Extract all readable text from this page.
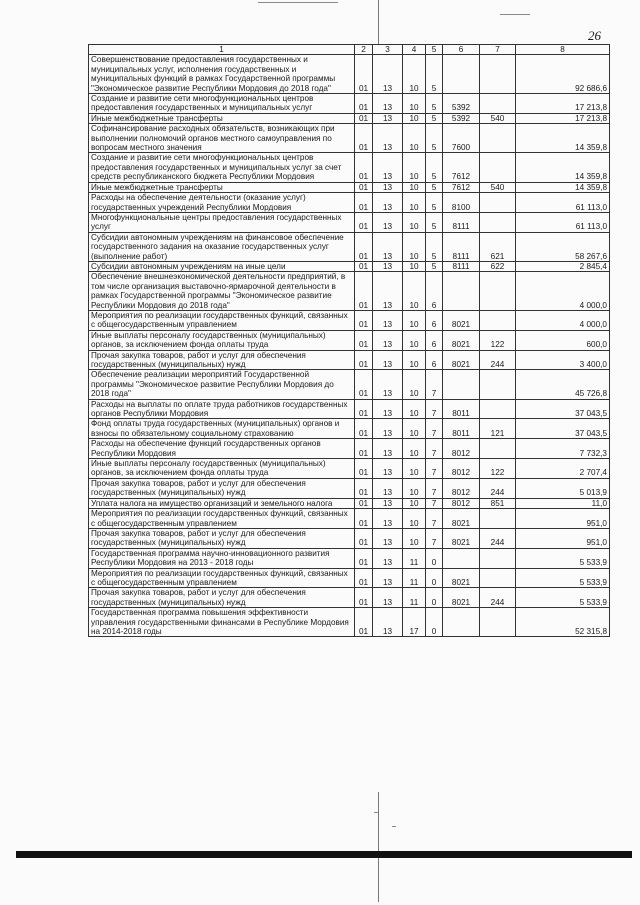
26
1	2	3	4	5	6	7	8
Совершенствование предоставления государственных и муниципальных услуг, исполнения государственных и муниципальных функций в рамках Государственной программы "Экономическое развитие Республики Мордовия до 2018 года"	01	13	10	5			92 686,6
Создание и развитие сети многофункциональных центров предоставления государственных и муниципальных услуг	01	13	10	5	5392		17 213,8
Иные межбюджетные трансферты	01	13	10	5	5392	540	17 213,8
Софинансирование расходных обязательств, возникающих при выполнении полномочий органов местного самоуправления по вопросам местного значения	01	13	10	5	7600		14 359,8
Создание и развитие сети многофункциональных центров предоставления государственных и муниципальных услуг за счет средств республиканского бюджета Республики Мордовия	01	13	10	5	7612		14 359,8
Иные межбюджетные трансферты	01	13	10	5	7612	540	14 359,8
Расходы на обеспечение деятельности (оказание услуг) государственных учреждений Республики Мордовия	01	13	10	5	8100		61 113,0
Многофункциональные центры предоставления государственных услуг	01	13	10	5	8111		61 113,0
Субсидии автономным учреждениям на финансовое обеспечение государственного задания на оказание государственных услуг (выполнение работ)	01	13	10	5	8111	621	58 267,6
Субсидии автономным учреждениям на иные цели	01	13	10	5	8111	622	2 845,4
Обеспечение внешнеэкономической деятельности предприятий, в том числе организация выставочно-ярмарочной деятельности в рамках Государственной программы "Экономическое развитие Республики Мордовия до 2018 года"	01	13	10	6			4 000,0
Мероприятия по реализации государственных функций, связанных с общегосударственным управлением	01	13	10	6	8021		4 000,0
Иные выплаты персоналу государственных (муниципальных) органов, за исключением фонда оплаты труда	01	13	10	6	8021	122	600,0
Прочая закупка товаров, работ и услуг для обеспечения государственных (муниципальных) нужд	01	13	10	6	8021	244	3 400,0
Обеспечение реализации мероприятий Государственной программы "Экономическое развитие Республики Мордовия до 2018 года"	01	13	10	7			45 726,8
Расходы на выплаты по оплате труда работников государственных органов Республики Мордовия	01	13	10	7	8011		37 043,5
Фонд оплаты труда государственных (муниципальных) органов и взносы по обязательному социальному страхованию	01	13	10	7	8011	121	37 043,5
Расходы на обеспечение функций государственных органов Республики Мордовия	01	13	10	7	8012		7 732,3
Иные выплаты персоналу государственных (муниципальных) органов, за исключением фонда оплаты труда	01	13	10	7	8012	122	2 707,4
Прочая закупка товаров, работ и услуг для обеспечения государственных (муниципальных) нужд	01	13	10	7	8012	244	5 013,9
Уплата налога на имущество организаций и земельного налога	01	13	10	7	8012	851	11,0
Мероприятия по реализации государственных функций, связанных с общегосударственным управлением	01	13	10	7	8021		951,0
Прочая закупка товаров, работ и услуг для обеспечения государственных (муниципальных) нужд	01	13	10	7	8021	244	951,0
Государственная программа научно-инновационного развития Республики Мордовия на 2013 - 2018 годы	01	13	11	0			5 533,9
Мероприятия по реализации государственных функций, связанных с общегосударственным управлением	01	13	11	0	8021		5 533,9
Прочая закупка товаров, работ и услуг для обеспечения государственных (муниципальных) нужд	01	13	11	0	8021	244	5 533,9
Государственная программа повышения эффективности управления государственными финансами в Республике Мордовия на 2014-2018 годы	01	13	17	0			52 315,8
